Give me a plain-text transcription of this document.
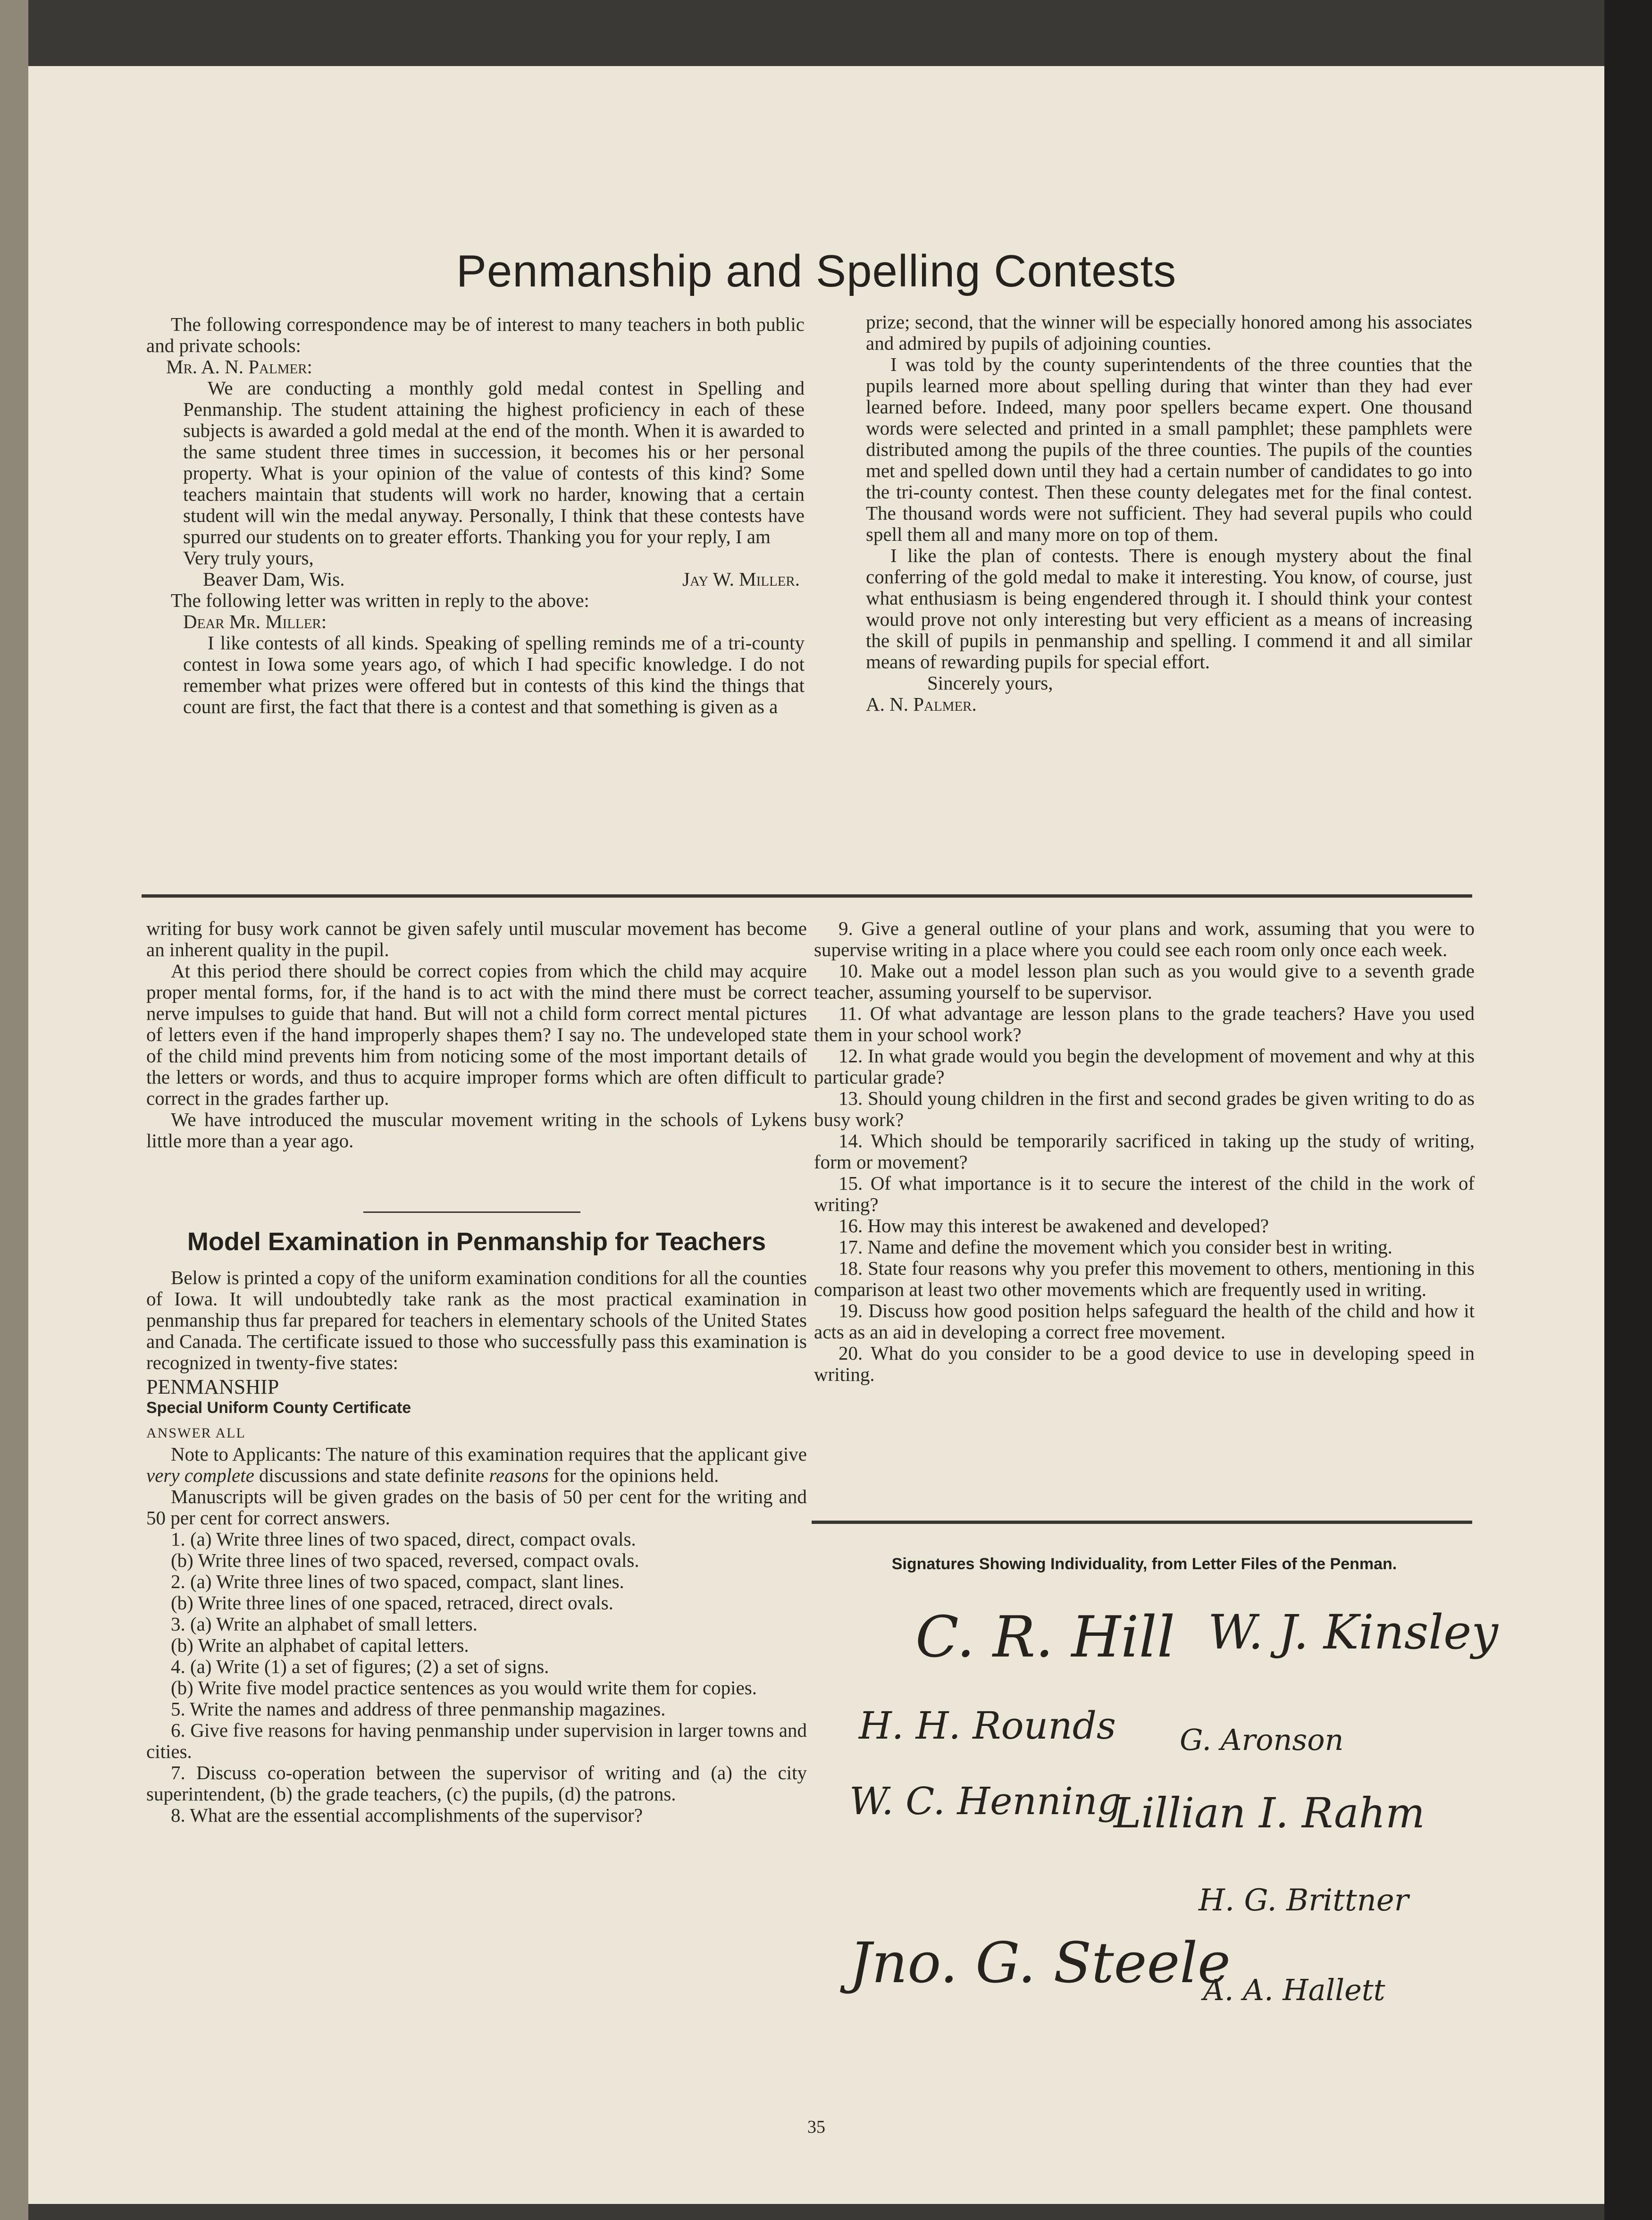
Penmanship and Spelling Contests

The following correspondence may be of interest to many teachers in both public and private schools:

Mr. A. N. Palmer:

We are conducting a monthly gold medal contest in Spelling and Penmanship. The student attaining the highest proficiency in each of these subjects is awarded a gold medal at the end of the month. When it is awarded to the same student three times in succession, it becomes his or her personal property. What is your opinion of the value of contests of this kind? Some teachers maintain that students will work no harder, knowing that a certain student will win the medal anyway. Personally, I think that these contests have spurred our students on to greater efforts. Thanking you for your reply, I am

Very truly yours,

Beaver Dam, Wis.	Jay W. Miller.

The following letter was written in reply to the above:

Dear Mr. Miller:

I like contests of all kinds. Speaking of spelling reminds me of a tri-county contest in Iowa some years ago, of which I had specific knowledge. I do not remember what prizes were offered but in contests of this kind the things that count are first, the fact that there is a contest and that something is given as a

prize; second, that the winner will be especially honored among his associates and admired by pupils of adjoining counties.

I was told by the county superintendents of the three counties that the pupils learned more about spelling during that winter than they had ever learned before. Indeed, many poor spellers became expert. One thousand words were selected and printed in a small pamphlet; these pamphlets were distributed among the pupils of the three counties. The pupils of the counties met and spelled down until they had a certain number of candidates to go into the tri-county contest. Then these county delegates met for the final contest. The thousand words were not sufficient. They had several pupils who could spell them all and many more on top of them.

I like the plan of contests. There is enough mystery about the final conferring of the gold medal to make it interesting. You know, of course, just what enthusiasm is being engendered through it. I should think your contest would prove not only interesting but very efficient as a means of increasing the skill of pupils in penmanship and spelling. I commend it and all similar means of rewarding pupils for special effort.

Sincerely yours,

A. N. Palmer.

writing for busy work cannot be given safely until muscular movement has become an inherent quality in the pupil.

At this period there should be correct copies from which the child may acquire proper mental forms, for, if the hand is to act with the mind there must be correct nerve impulses to guide that hand. But will not a child form correct mental pictures of letters even if the hand improperly shapes them? I say no. The undeveloped state of the child mind prevents him from noticing some of the most important details of the letters or words, and thus to acquire improper forms which are often difficult to correct in the grades farther up.

We have introduced the muscular movement writing in the schools of Lykens little more than a year ago.

Model Examination in Penmanship for Teachers

Below is printed a copy of the uniform examination conditions for all the counties of Iowa. It will undoubtedly take rank as the most practical examination in penmanship thus far prepared for teachers in elementary schools of the United States and Canada. The certificate issued to those who successfully pass this examination is recognized in twenty-five states:

PENMANSHIP

Special Uniform County Certificate

ANSWER ALL

Note to Applicants: The nature of this examination requires that the applicant give very complete discussions and state definite reasons for the opinions held.

Manuscripts will be given grades on the basis of 50 per cent for the writing and 50 per cent for correct answers.

1. (a) Write three lines of two spaced, direct, compact ovals.

(b) Write three lines of two spaced, reversed, compact ovals.

2. (a) Write three lines of two spaced, compact, slant lines.

(b) Write three lines of one spaced, retraced, direct ovals.

3. (a) Write an alphabet of small letters.

(b) Write an alphabet of capital letters.

4. (a) Write (1) a set of figures; (2) a set of signs.

(b) Write five model practice sentences as you would write them for copies.

5. Write the names and address of three penmanship magazines.

6. Give five reasons for having penmanship under supervision in larger towns and cities.

7. Discuss co-operation between the supervisor of writing and (a) the city superintendent, (b) the grade teachers, (c) the pupils, (d) the patrons.

8. What are the essential accomplishments of the supervisor?

9. Give a general outline of your plans and work, assuming that you were to supervise writing in a place where you could see each room only once each week.

10. Make out a model lesson plan such as you would give to a seventh grade teacher, assuming yourself to be supervisor.

11. Of what advantage are lesson plans to the grade teachers? Have you used them in your school work?

12. In what grade would you begin the development of movement and why at this particular grade?

13. Should young children in the first and second grades be given writing to do as busy work?

14. Which should be temporarily sacrificed in taking up the study of writing, form or movement?

15. Of what importance is it to secure the interest of the child in the work of writing?

16. How may this interest be awakened and developed?

17. Name and define the movement which you consider best in writing.

18. State four reasons why you prefer this movement to others, mentioning in this comparison at least two other movements which are frequently used in writing.

19. Discuss how good position helps safeguard the health of the child and how it acts as an aid in developing a correct free movement.

20. What do you consider to be a good device to use in developing speed in writing.

Signatures Showing Individuality, from Letter Files of the Penman.
C. R. Hill W. J. Kinsley
H. H. Rounds G. Aronson
W. C. Henning
Lillian I. Rahm
H. G. Brittner
Jno. G. Steele
A. A. Hallett
35
